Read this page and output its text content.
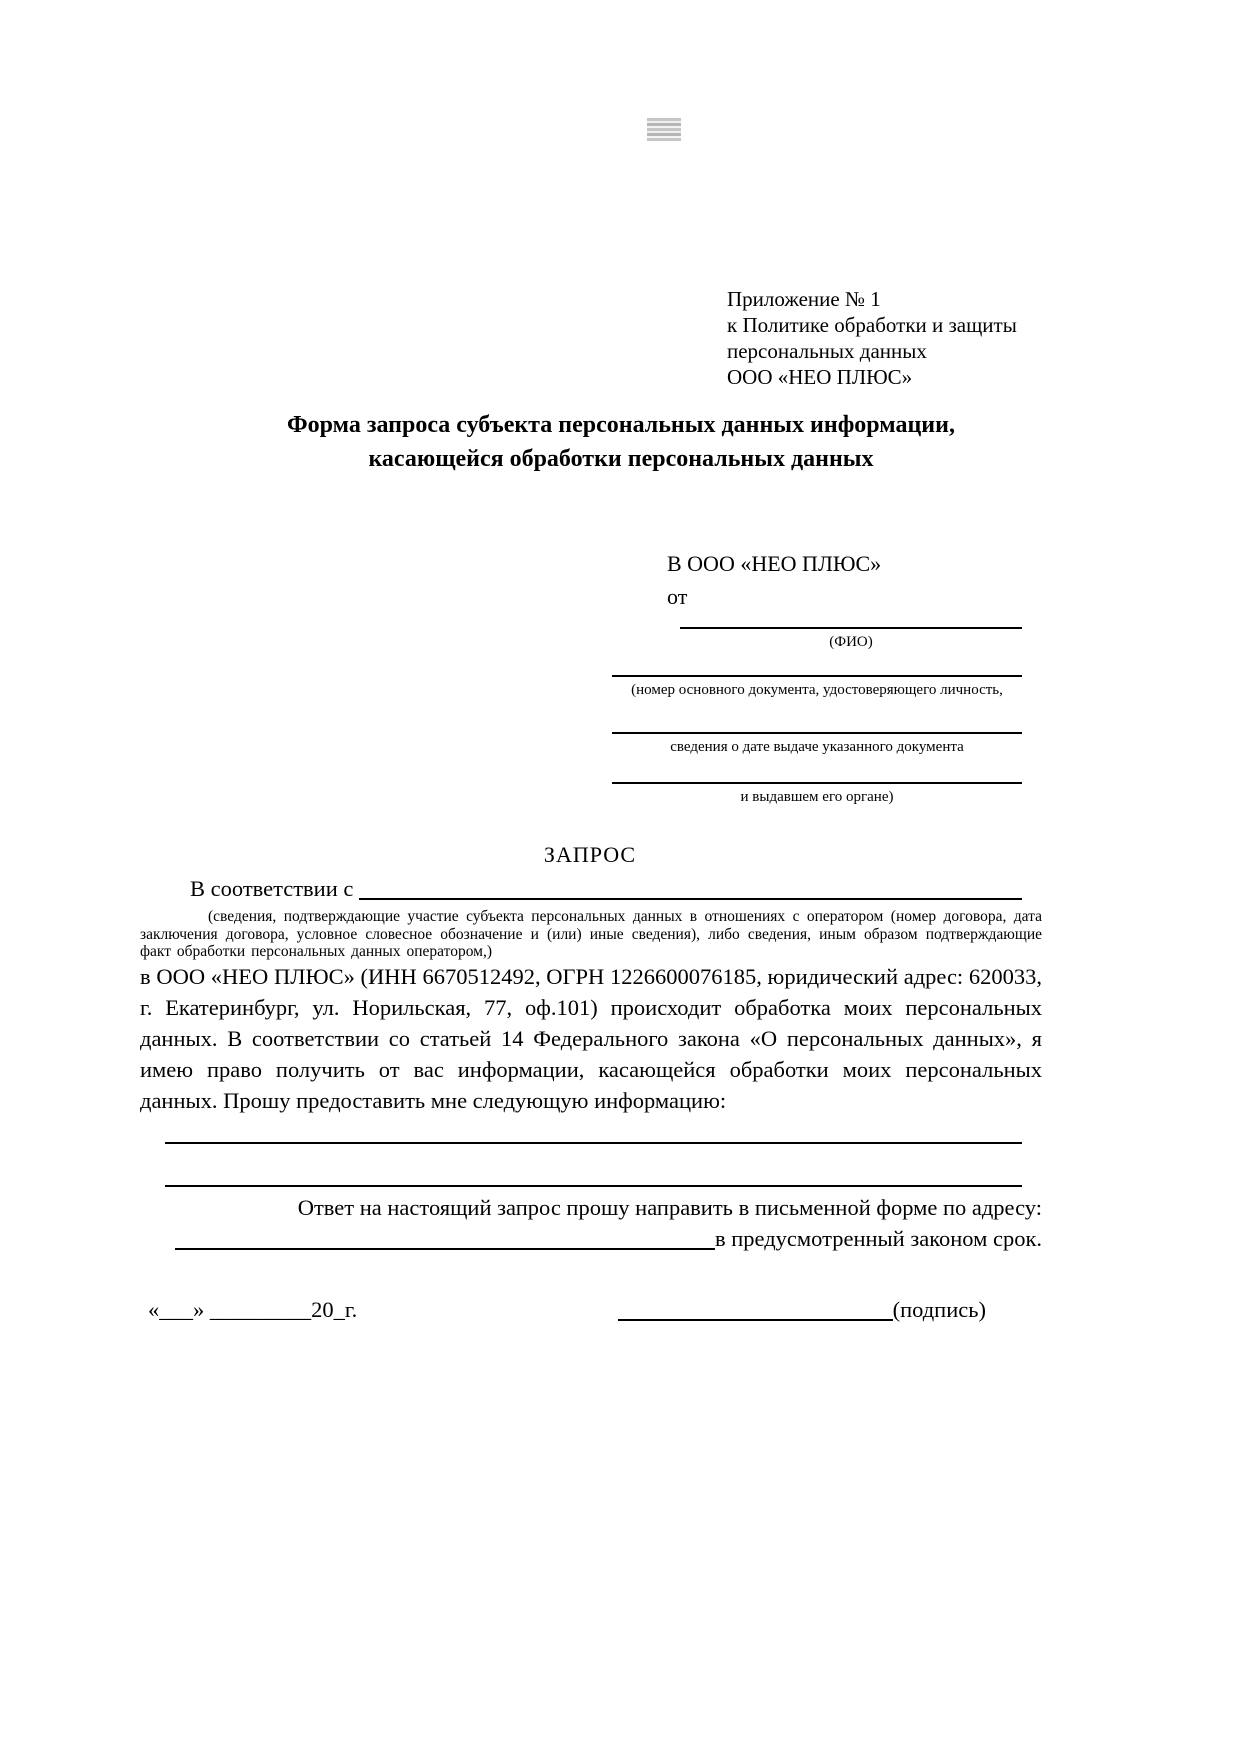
Приложение № 1
к Политике обработки и защиты
персональных данных
ООО «НЕО ПЛЮС»
Форма запроса субъекта персональных данных информации,
касающейся обработки персональных данных
В ООО «НЕО ПЛЮС»
от
(ФИО)
(номер основного документа, удостоверяющего личность,
сведения о дате выдаче указанного документа
и выдавшем его органе)
ЗАПРОС
В соответствии с
(сведения, подтверждающие участие субъекта персональных данных в отношениях с оператором (номер договора, дата заключения договора, условное словесное обозначение и (или) иные сведения), либо сведения, иным образом подтверждающие факт обработки персональных данных оператором,)
в ООО «НЕО ПЛЮС» (ИНН 6670512492, ОГРН 1226600076185, юридический адрес: 620033, г. Екатеринбург, ул. Норильская, 77, оф.101) происходит обработка моих персональных данных. В соответствии со статьей 14 Федерального закона «О персональных данных», я имею право получить от вас информации, касающейся обработки моих персональных данных. Прошу предоставить мне следующую информацию:
Ответ на настоящий запрос прошу направить в письменной форме по адресу:
в предусмотренный законом срок.
«___» _________20_г.	(подпись)
